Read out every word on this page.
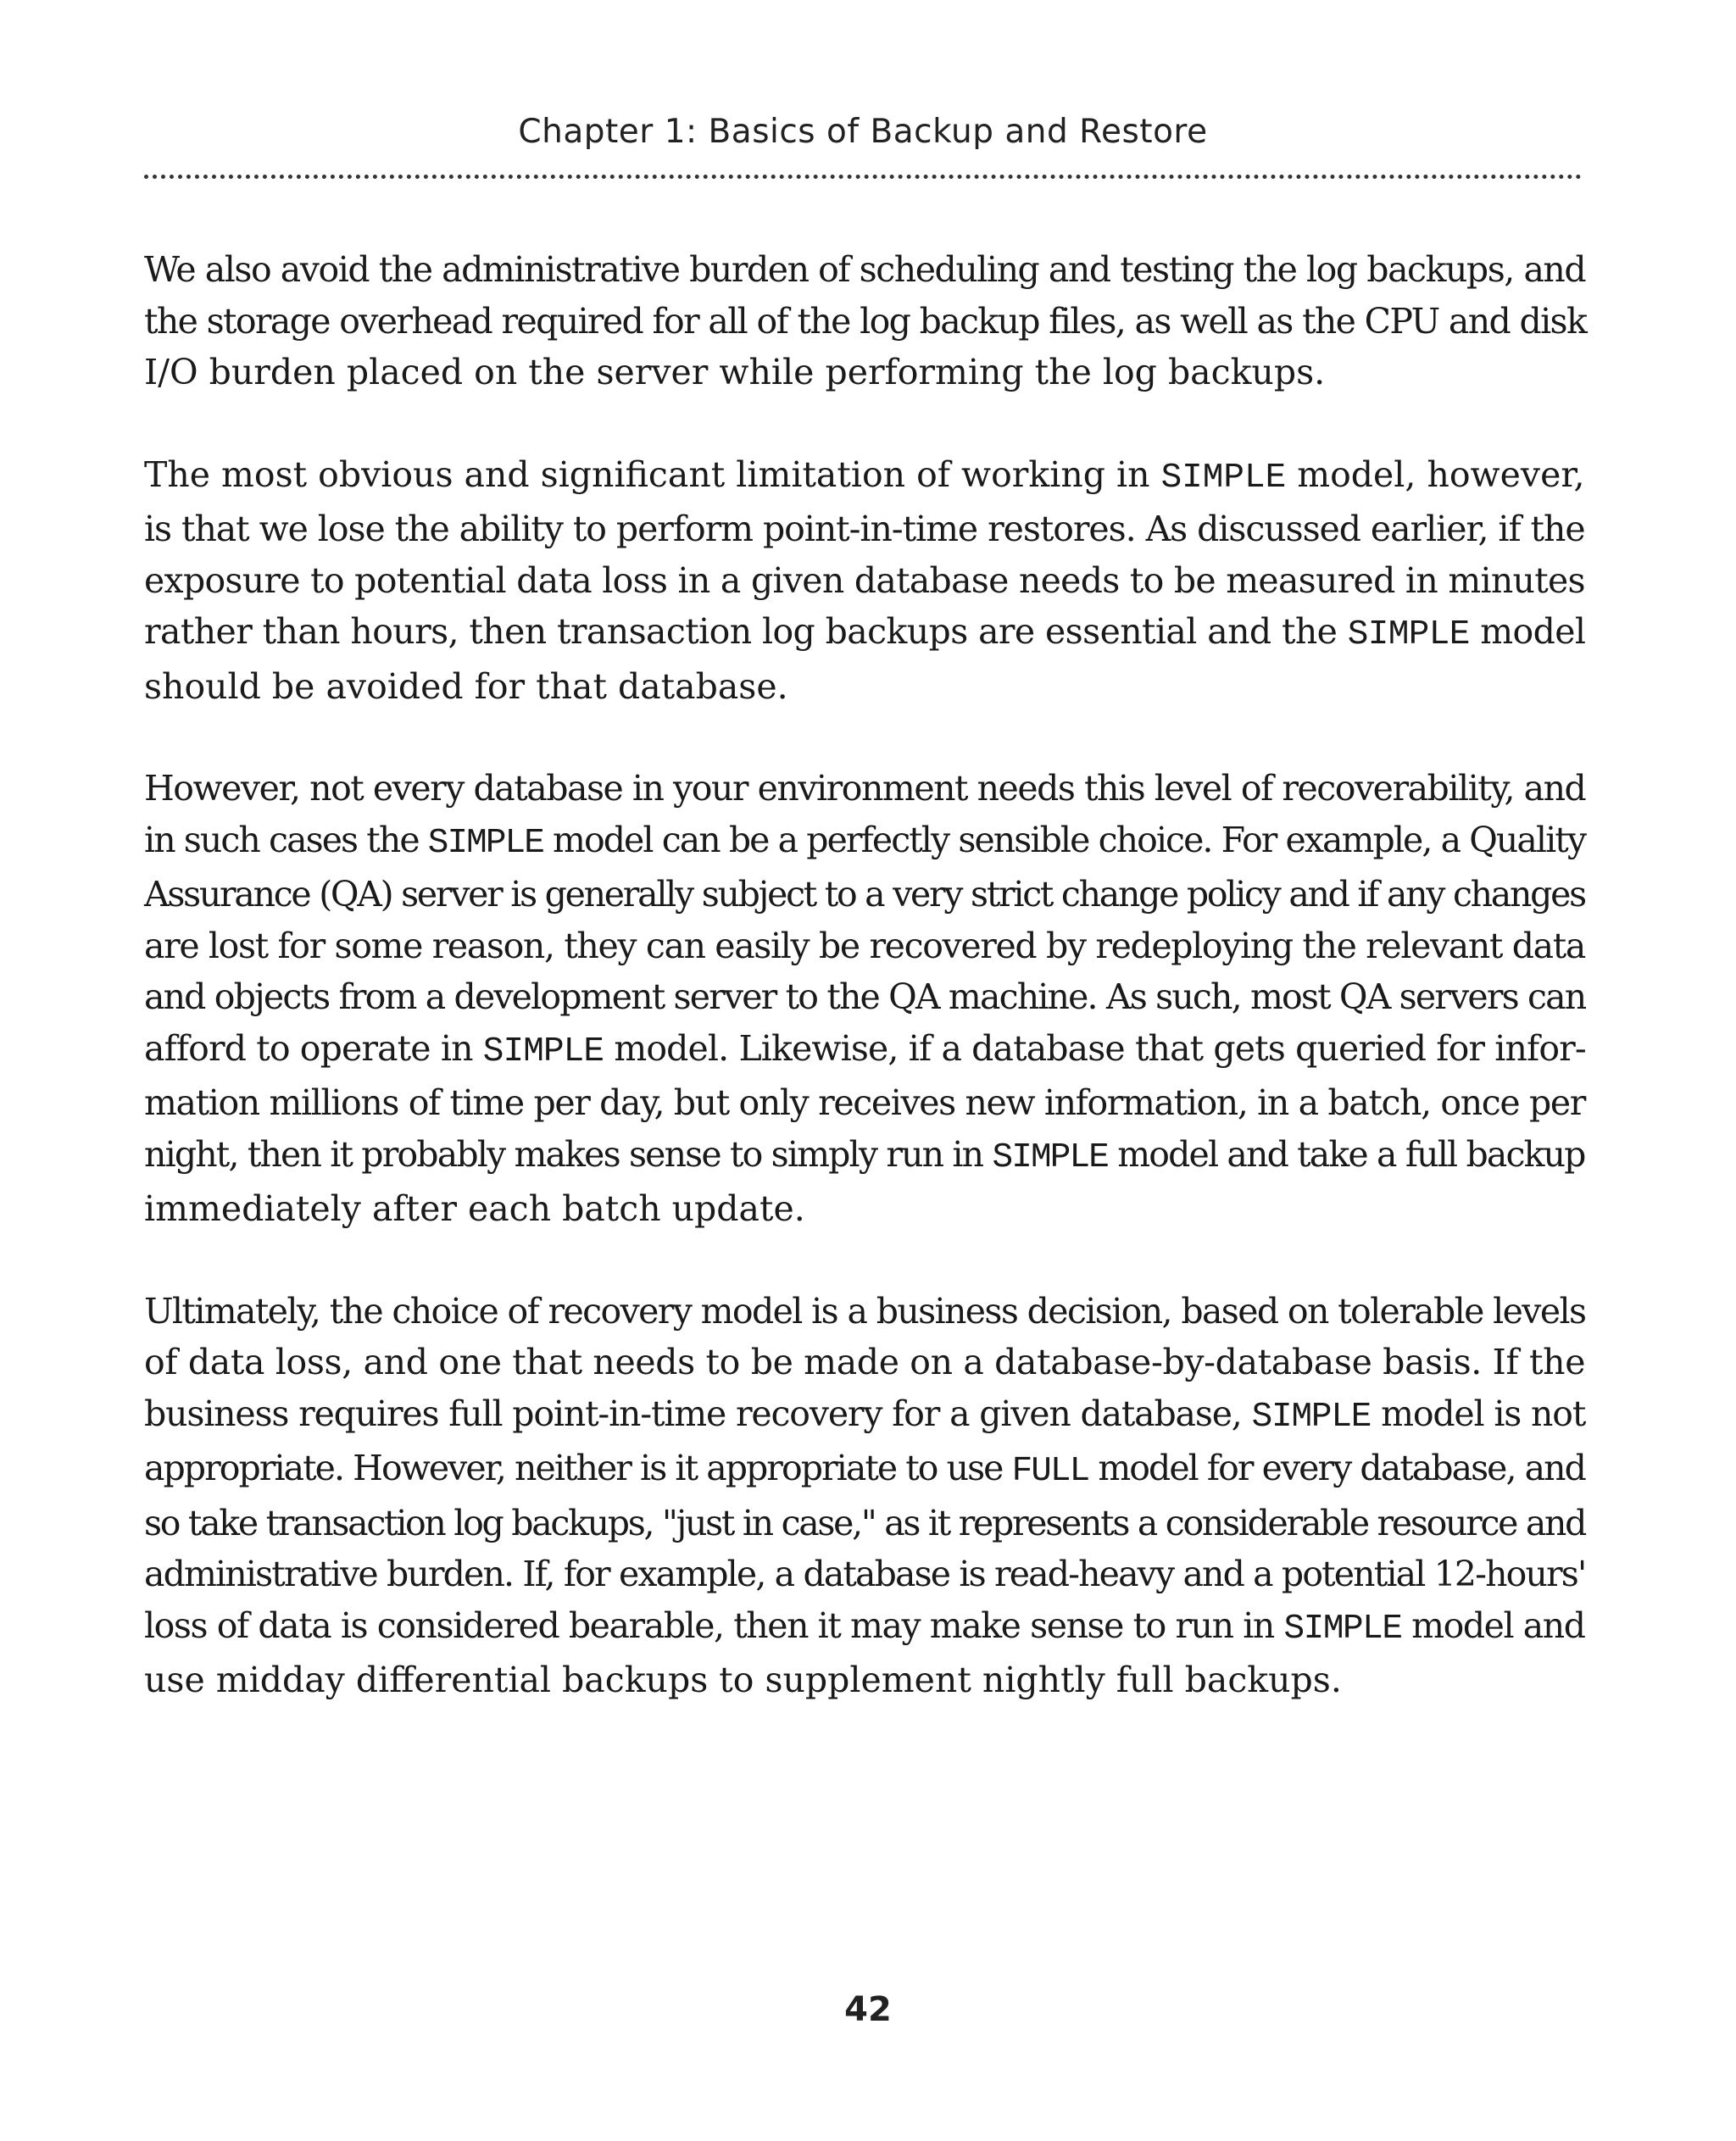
Chapter 1: Basics of Backup and Restore
We also avoid the administrative burden of scheduling and testing the log backups, and
the storage overhead required for all of the log backup files, as well as the CPU and disk
I/O burden placed on the server while performing the log backups.
The most obvious and significant limitation of working in SIMPLE model, however,
is that we lose the ability to perform point-in-time restores. As discussed earlier, if the
exposure to potential data loss in a given database needs to be measured in minutes
rather than hours, then transaction log backups are essential and the SIMPLE model
should be avoided for that database.
However, not every database in your environment needs this level of recoverability, and
in such cases the SIMPLE model can be a perfectly sensible choice. For example, a Quality
Assurance (QA) server is generally subject to a very strict change policy and if any changes
are lost for some reason, they can easily be recovered by redeploying the relevant data
and objects from a development server to the QA machine. As such, most QA servers can
afford to operate in SIMPLE model. Likewise, if a database that gets queried for infor-
mation millions of time per day, but only receives new information, in a batch, once per
night, then it probably makes sense to simply run in SIMPLE model and take a full backup
immediately after each batch update.
Ultimately, the choice of recovery model is a business decision, based on tolerable levels
of data loss, and one that needs to be made on a database-by-database basis. If the
business requires full point-in-time recovery for a given database, SIMPLE model is not
appropriate. However, neither is it appropriate to use FULL model for every database, and
so take transaction log backups, "just in case," as it represents a considerable resource and
administrative burden. If, for example, a database is read-heavy and a potential 12-hours'
loss of data is considered bearable, then it may make sense to run in SIMPLE model and
use midday differential backups to supplement nightly full backups.
42
